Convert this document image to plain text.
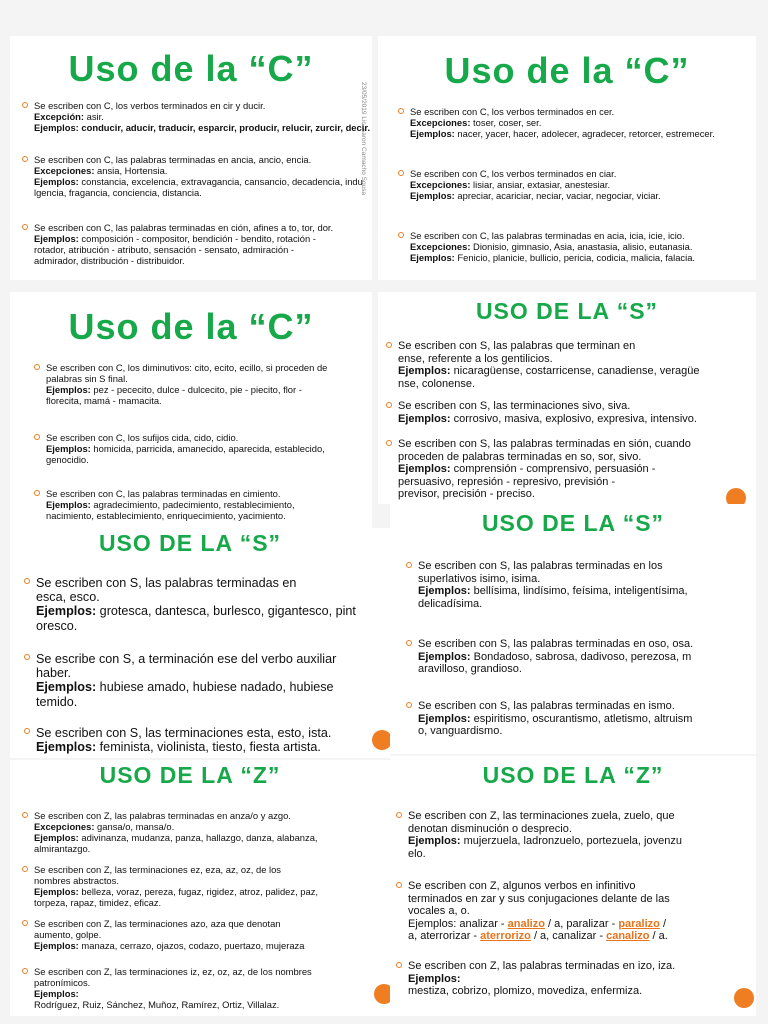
Uso de la “C”
23/05/2019 Lic. Aaron Camacho Sousa
Se escriben con C, los verbos terminados en cir y ducir.
Excepción: asir.
Ejemplos: conducir, aducir, traducir, esparcir, producir, relucir, zurcir, decir.
Se escriben con C, las palabras terminadas en ancia, ancio, encia.
Excepciones: ansia, Hortensia.
Ejemplos: constancia, excelencia, extravagancia, cansancio, decadencia, indu
lgencia, fragancia, conciencia, distancia.
Se escriben con C, las palabras terminadas en ción, afines a to, tor, dor.
Ejemplos: composición - compositor, bendición - bendito, rotación -
rotador, atribución - atributo, sensación - sensato, admiración -
admirador, distribución - distribuidor.
Uso de la “C”
Se escriben con C, los verbos terminados en cer.
Excepciones: toser, coser, ser.
Ejemplos: nacer, yacer, hacer, adolecer, agradecer, retorcer, estremecer.
Se escriben con C, los verbos terminados en ciar.
Excepciones: lisiar, ansiar, extasiar, anestesiar.
Ejemplos: apreciar, acariciar, neciar, vaciar, negociar, viciar.
Se escriben con C, las palabras terminadas en acia, icia, icie, icio.
Excepciones: Dionisio, gimnasio, Asia, anastasia, alisio, eutanasia.
Ejemplos: Fenicio, planicie, bullicio, pericia, codicia, malicia, falacia.
Uso de la “C”
Se escriben con C, los diminutivos: cito, ecito, ecillo, si proceden de
palabras sin S final.
Ejemplos: pez - pececito, dulce - dulcecito, pie - piecito, flor -
florecita, mamá - mamacita.
Se escriben con C, los sufijos cida, cido, cidio.
Ejemplos: homicida, parricida, amanecido, aparecida, establecido,
genocidio.
Se escriben con C, las palabras terminadas en cimiento.
Ejemplos: agradecimiento, padecimiento, restablecimiento,
nacimiento, establecimiento, enriquecimiento, yacimiento.
USO DE LA “S”
Se escriben con S, las palabras que terminan en
ense, referente a los gentilicios.
Ejemplos: nicaragüense, costarricense, canadiense, veragüe
nse, colonense.
Se escriben con S, las terminaciones sivo, siva.
Ejemplos: corrosivo, masiva, explosivo, expresiva, intensivo.
Se escriben con S, las palabras terminadas en sión, cuando
proceden de palabras terminadas en so, sor, sivo.
Ejemplos: comprensión - comprensivo, persuasión -
persuasivo, represión - represivo, previsión -
previsor, precisión - preciso.
USO DE LA “S”
Se escriben con S, las palabras terminadas en
esca, esco.
Ejemplos: grotesca, dantesca, burlesco, gigantesco, pint
oresco.
Se escribe con S, a terminación ese del verbo auxiliar
haber.
Ejemplos: hubiese amado, hubiese nadado, hubiese
temido.
Se escriben con S, las terminaciones esta, esto, ista.
Ejemplos: feminista, violinista, tiesto, fiesta artista.
USO DE LA “S”
Se escriben con S, las palabras terminadas en los
superlativos isimo, isima.
Ejemplos: bellísima, lindísimo, feísima, inteligentísima,
delicadísima.
Se escriben con S, las palabras terminadas en oso, osa.
Ejemplos: Bondadoso, sabrosa, dadivoso, perezosa, m
aravilloso, grandioso.
Se escriben con S, las palabras terminadas en ismo.
Ejemplos: espiritismo, oscurantismo, atletismo, altruism
o, vanguardismo.
USO DE LA “Z”
Se escriben con Z, las palabras terminadas en anza/o y azgo.
Excepciones: gansa/o, mansa/o.
Ejemplos: adivinanza, mudanza, panza, hallazgo, danza, alabanza,
almirantazgo.
Se escriben con Z, las terminaciones ez, eza, az, oz, de los
nombres abstractos.
Ejemplos: belleza, voraz, pereza, fugaz, rigidez, atroz, palidez, paz,
torpeza, rapaz, timidez, eficaz.
Se escriben con Z, las terminaciones azo, aza que denotan
aumento, golpe.
Ejemplos: manaza, cerrazo, ojazos, codazo, puertazo, mujeraza
Se escriben con Z, las terminaciones iz, ez, oz, az, de los nombres
patronímicos.
Ejemplos:
Rodríguez, Ruiz, Sánchez, Muñoz, Ramírez, Ortiz, Villalaz.
USO DE LA “Z”
Se escriben con Z, las terminaciones zuela, zuelo, que
denotan disminución o desprecio.
Ejemplos: mujerzuela, ladronzuelo, portezuela, jovenzu
elo.
Se escriben con Z, algunos verbos en infinitivo
terminados en zar y sus conjugaciones delante de las
vocales a, o.
Ejemplos: analizar - analizo / a, paralizar - paralizo /
a, aterrorizar - aterrorizo / a, canalizar - canalizo / a.
Se escriben con Z, las palabras terminadas en izo, iza.
Ejemplos:
mestiza, cobrizo, plomizo, movediza, enfermiza.
